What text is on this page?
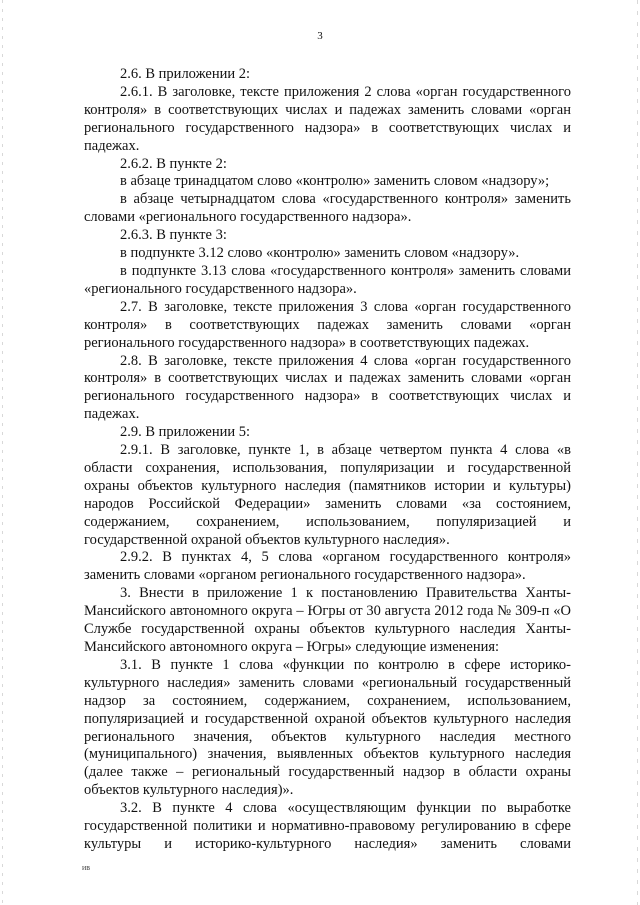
3

2.6. В приложении 2:

2.6.1. В заголовке, тексте приложения 2 слова «орган государственного контроля» в соответствующих числах и падежах заменить словами «орган регионального государственного надзора» в соответствующих числах и падежах.

2.6.2. В пункте 2:

в абзаце тринадцатом слово «контролю» заменить словом «надзору»;

в абзаце четырнадцатом слова «государственного контроля» заменить словами «регионального государственного надзора».

2.6.3. В пункте 3:

в подпункте 3.12 слово «контролю» заменить словом «надзору».

в подпункте 3.13 слова «государственного контроля» заменить словами «регионального государственного надзора».

2.7. В заголовке, тексте приложения 3 слова «орган государственного контроля» в соответствующих падежах заменить словами «орган регионального государственного надзора» в соответствующих падежах.

2.8. В заголовке, тексте приложения 4 слова «орган государственного контроля» в соответствующих числах и падежах заменить словами «орган регионального государственного надзора» в соответствующих числах и падежах.

2.9. В приложении 5:

2.9.1. В заголовке, пункте 1, в абзаце четвертом пункта 4 слова «в области сохранения, использования, популяризации и государственной охраны объектов культурного наследия (памятников истории и культуры) народов Российской Федерации» заменить словами «за состоянием, содержанием, сохранением, использованием, популяризацией и государственной охраной объектов культурного наследия».

2.9.2. В пунктах 4, 5 слова «органом государственного контроля» заменить словами «органом регионального государственного надзора».

3. Внести в приложение 1 к постановлению Правительства Ханты-Мансийского автономного округа – Югры от 30 августа 2012 года № 309-п «О Службе государственной охраны объектов культурного наследия Ханты-Мансийского автономного округа – Югры» следующие изменения:

3.1. В пункте 1 слова «функции по контролю в сфере историко-культурного наследия» заменить словами «региональный государственный надзор за состоянием, содержанием, сохранением, использованием, популяризацией и государственной охраной объектов культурного наследия регионального значения, объектов культурного наследия местного (муниципального) значения, выявленных объектов культурного наследия (далее также – региональный государственный надзор в области охраны объектов культурного наследия)».

3.2. В пункте 4 слова «осуществляющим функции по выработке государственной политики и нормативно-правовому регулированию в сфере культуры и историко-культурного наследия» заменить словами

ив
